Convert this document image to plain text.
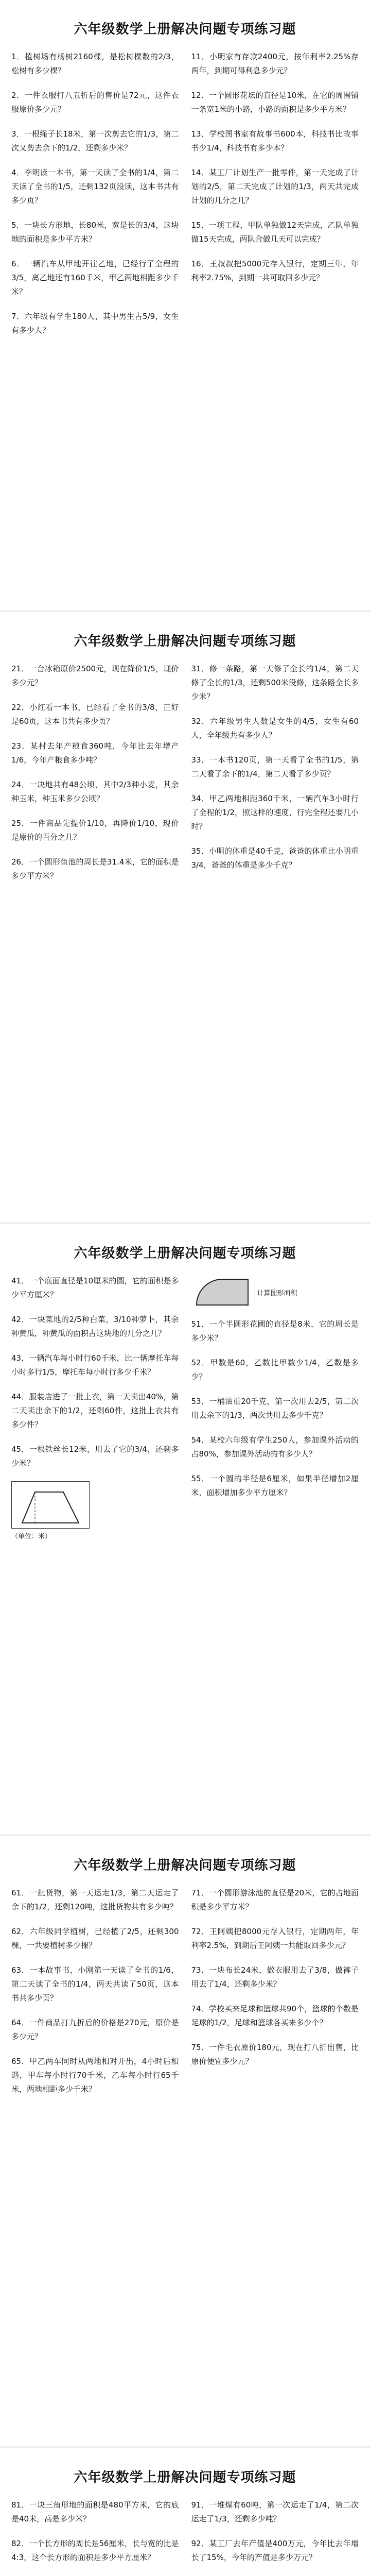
六年级数学上册解决问题专项练习题

1．植树场有杨树2160棵，是松树棵数的2/3，松树有多少棵？

2．一件衣服打八五折后的售价是72元，这件衣服原价多少元？

3．一根绳子长18米，第一次剪去它的1/3，第二次又剪去余下的1/2，还剩多少米？

4．李明读一本书，第一天读了全书的1/4，第二天读了全书的1/5，还剩132页没读，这本书共有多少页？

5．一块长方形地，长80米，宽是长的3/4，这块地的面积是多少平方米？

6．一辆汽车从甲地开往乙地，已经行了全程的3/5，离乙地还有160千米，甲乙两地相距多少千米？

7．六年级有学生180人，其中男生占5/9，女生有多少人？

11．小明家有存款2400元，按年利率2.25%存两年，到期可得利息多少元？

12．一个圆形花坛的直径是10米，在它的周围铺一条宽1米的小路，小路的面积是多少平方米？

13．学校图书室有故事书600本，科技书比故事书少1/4，科技书有多少本？

14．某工厂计划生产一批零件，第一天完成了计划的2/5，第二天完成了计划的1/3，两天共完成计划的几分之几？

15．一项工程，甲队单独做12天完成，乙队单独做15天完成，两队合做几天可以完成？

16．王叔叔把5000元存入银行，定期三年，年利率2.75%，到期一共可取回多少元？

六年级数学上册解决问题专项练习题

21．一台冰箱原价2500元，现在降价1/5，现价多少元？

22．小红看一本书，已经看了全书的3/8，正好是60页，这本书共有多少页？

23．某村去年产粮食360吨，今年比去年增产1/6，今年产粮食多少吨？

24．一块地共有48公顷，其中2/3种小麦，其余种玉米，种玉米多少公顷？

25．一件商品先提价1/10，再降价1/10，现价是原价的百分之几？

26．一个圆形鱼池的周长是31.4米，它的面积是多少平方米？

31．修一条路，第一天修了全长的1/4，第二天修了全长的1/3，还剩500米没修，这条路全长多少米？

32．六年级男生人数是女生的4/5，女生有60人，全年级共有多少人？

33．一本书120页，第一天看了全书的1/5，第二天看了余下的1/4，第二天看了多少页？

34．甲乙两地相距360千米，一辆汽车3小时行了全程的1/2，照这样的速度，行完全程还要几小时？

35．小明的体重是40千克，爸爸的体重比小明重3/4，爸爸的体重是多少千克？

六年级数学上册解决问题专项练习题

41．一个底面直径是10厘米的圆，它的面积是多少平方厘米？

42．一块菜地的2/5种白菜，3/10种萝卜，其余种黄瓜，种黄瓜的面积占这块地的几分之几？

43．一辆汽车每小时行60千米，比一辆摩托车每小时多行1/5，摩托车每小时行多少千米？

44．服装店进了一批上衣，第一天卖出40%，第二天卖出余下的1/2，还剩60件，这批上衣共有多少件？

45．一根铁丝长12米，用去了它的3/4，还剩多少米？

（单位：米）
计算图形面积

51．一个半圆形花圃的直径是8米，它的周长是多少米？

52．甲数是60，乙数比甲数少1/4，乙数是多少？

53．一桶油重20千克，第一次用去2/5，第二次用去余下的1/3，两次共用去多少千克？

54．某校六年级有学生250人，参加课外活动的占80%，参加课外活动的有多少人？

55．一个圆的半径是6厘米，如果半径增加2厘米，面积增加多少平方厘米？

六年级数学上册解决问题专项练习题

61．一批货物，第一天运走1/3，第二天运走了余下的1/2，还剩120吨，这批货物共有多少吨？

62．六年级同学植树，已经植了2/5，还剩300棵，一共要植树多少棵？

63．一本故事书，小刚第一天读了全书的1/6，第二天读了全书的1/4，两天共读了50页，这本书共多少页？

64．一件商品打九折后的价格是270元，原价是多少元？

65．甲乙两车同时从两地相对开出，4小时后相遇，甲车每小时行70千米，乙车每小时行65千米，两地相距多少千米？

71．一个圆形游泳池的直径是20米，它的占地面积是多少平方米？

72．王阿姨把8000元存入银行，定期两年，年利率2.5%，到期后王阿姨一共能取回多少元？

73．一块布长24米，做衣服用去了3/8，做裤子用去了1/4，还剩多少米？

74．学校买来足球和篮球共90个，篮球的个数是足球的1/2，足球和篮球各买来多少个？

75．一件毛衣原价180元，现在打八折出售，比原价便宜多少元？

六年级数学上册解决问题专项练习题

81．一块三角形地的面积是480平方米，它的底是40米，高是多少米？

82．一个长方形的周长是56厘米，长与宽的比是4:3，这个长方形的面积是多少平方厘米？

91．一堆煤有60吨，第一次运走了1/4，第二次运走了1/3，还剩多少吨？

92．某工厂去年产值是400万元，今年比去年增长了15%，今年的产值是多少万元？
